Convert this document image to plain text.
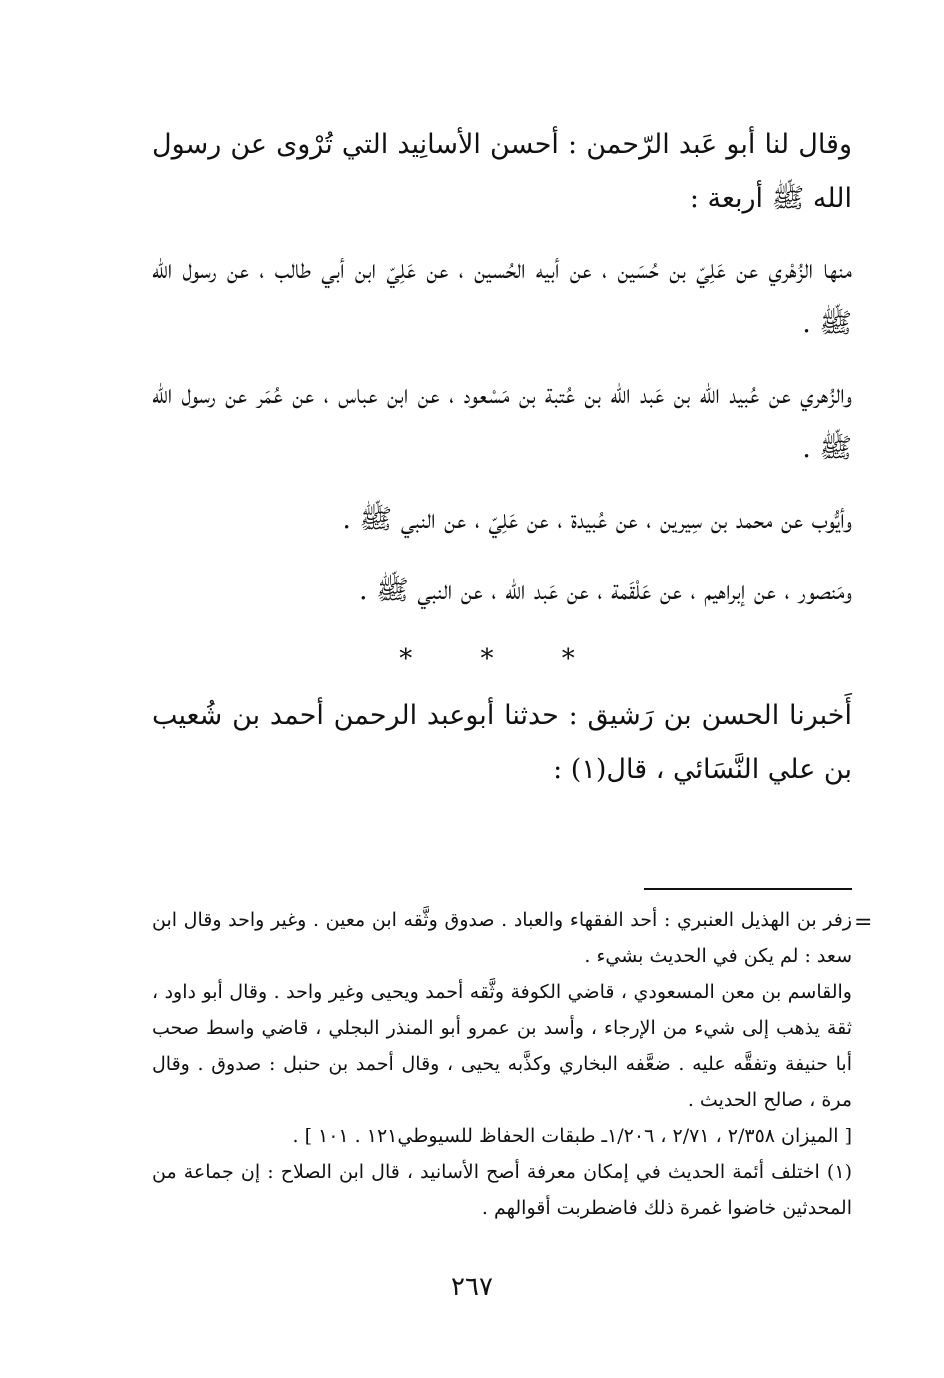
وقال لنا أبو عَبد الرّحمن : أحسن الأسانِيد التي تُرْوى عن رسول الله ﷺ أربعة :

منها الزُهْري عن عَلِيّ بن حُسَين ، عن أبيه الحُسين ، عن عَلِيّ ابن أبي طالب ، عن رسول الله ﷺ .

والزُهري عن عُبيد الله بن عَبد الله بن عُتبة بن مَسْعود ، عن ابن عباس ، عن عُمَر عن رسول الله ﷺ .

وأيُّوب عن محمد بن سِيرين ، عن عُبيدة ، عن عَلِيّ ، عن النبي ﷺ .

ومَنصور ، عن إبراهيم ، عن عَلْقَمة ، عن عَبد الله ، عن النبي ﷺ .

* * *

أَخبرنا الحسن بن رَشيق : حدثنا أبوعبد الرحمن أحمد بن شُعيب بن علي النَّسَائي ، قال(١) :

=

زفر بن الهذيل العنبري : أحد الفقهاء والعباد . صدوق وثَّقه ابن معين . وغير واحد وقال ابن سعد : لم يكن في الحديث بشيء .

والقاسم بن معن المسعودي ، قاضي الكوفة وثَّقه أحمد ويحيى وغير واحد . وقال أبو داود ، ثقة يذهب إلى شيء من الإرجاء ، وأسد بن عمرو أبو المنذر البجلي ، قاضي واسط صحب أبا حنيفة وتفقَّه عليه . ضعَّفه البخاري وكذَّبه يحيى ، وقال أحمد بن حنبل : صدوق . وقال مرة ، صالح الحديث .

[ الميزان ٢/٣٥٨ ، ٢/٧١ ، ١/٢٠٦ـ طبقات الحفاظ للسيوطي١٢١ . ١٠١ ] .

(١) اختلف أئمة الحديث في إمكان معرفة أصح الأسانيد ، قال ابن الصلاح : إن جماعة من المحدثين خاضوا غمرة ذلك فاضطربت أقوالهم .

٢٦٧
